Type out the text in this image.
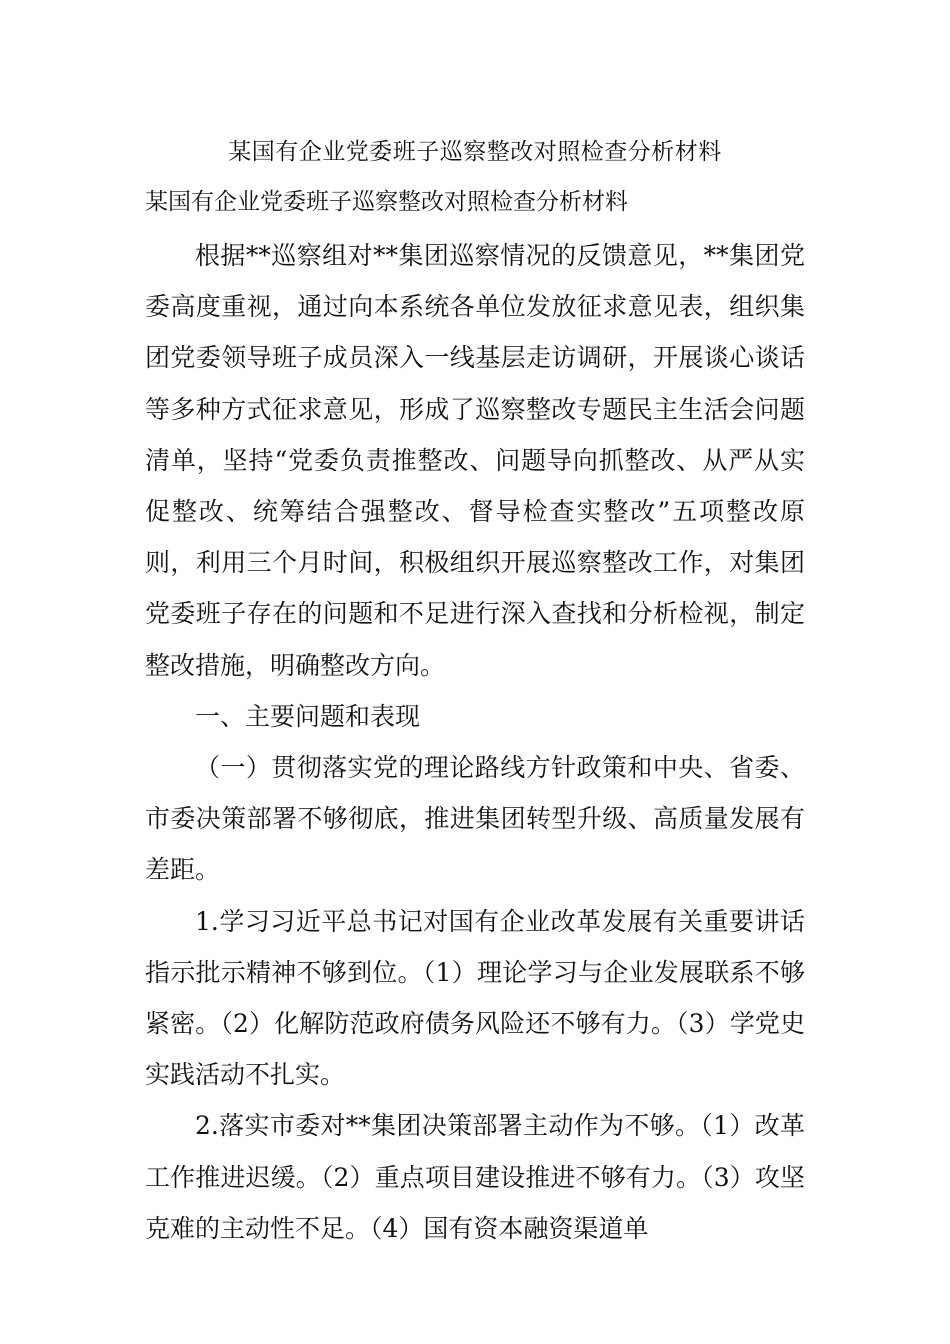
某国有企业党委班子巡察整改对照检查分析材料
某国有企业党委班子巡察整改对照检查分析材料

根据**巡察组对**集团巡察情况的反馈意见，**集团党委高度重视，通过向本系统各单位发放征求意见表，组织集团党委领导班子成员深入一线基层走访调研，开展谈心谈话等多种方式征求意见，形成了巡察整改专题民主生活会问题清单，坚持“党委负责推整改、问题导向抓整改、从严从实促整改、统筹结合强整改、督导检查实整改”五项整改原则，利用三个月时间，积极组织开展巡察整改工作，对集团党委班子存在的问题和不足进行深入查找和分析检视，制定整改措施，明确整改方向。

一、主要问题和表现

（一）贯彻落实党的理论路线方针政策和中央、省委、市委决策部署不够彻底，推进集团转型升级、高质量发展有差距。

1.学习习近平总书记对国有企业改革发展有关重要讲话指示批示精神不够到位。（1）理论学习与企业发展联系不够紧密。（2）化解防范政府债务风险还不够有力。（3）学党史实践活动不扎实。

2.落实市委对**集团决策部署主动作为不够。（1）改革工作推进迟缓。（2）重点项目建设推进不够有力。（3）攻坚克难的主动性不足。（4）国有资本融资渠道单
